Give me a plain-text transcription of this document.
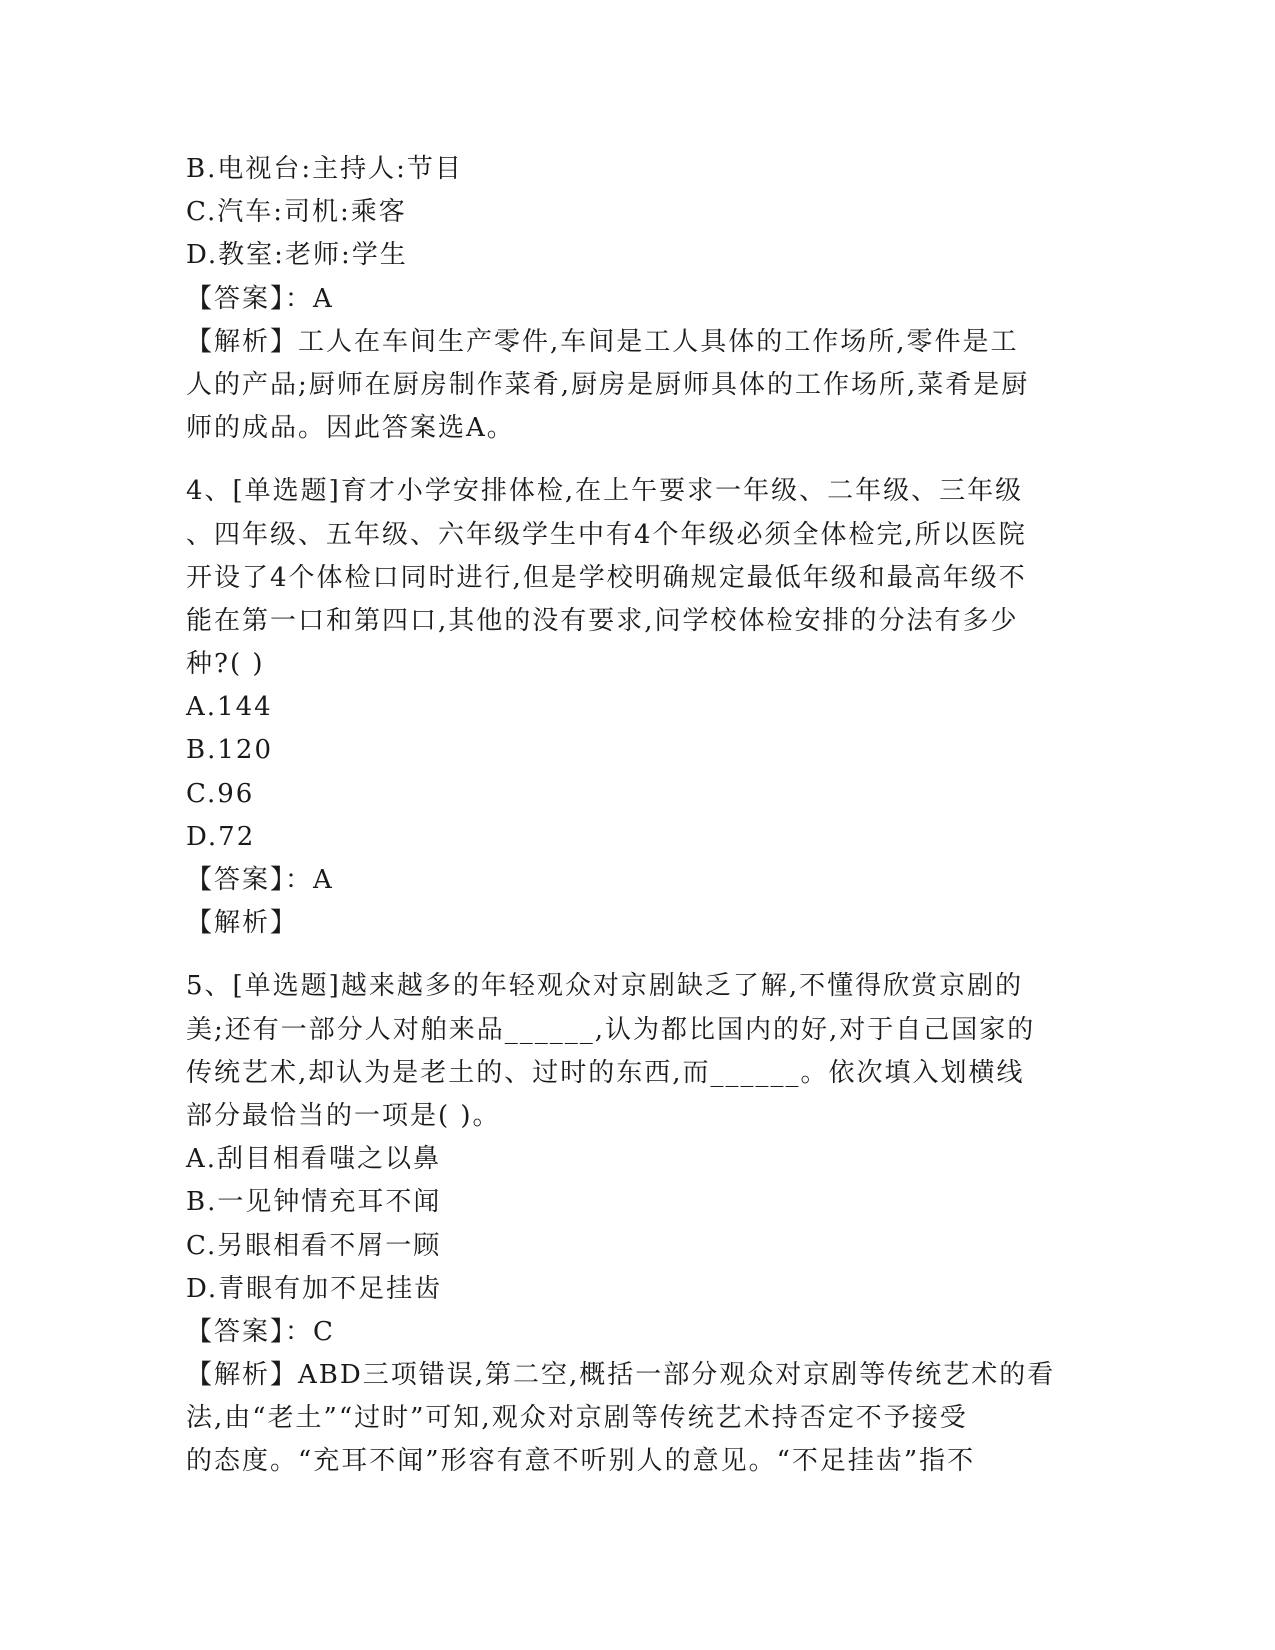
B.电视台:主持人:节目
C.汽车:司机:乘客
D.教室:老师:学生
【答案】：A
【解析】工人在车间生产零件,车间是工人具体的工作场所,零件是工
人的产品;厨师在厨房制作菜肴,厨房是厨师具体的工作场所,菜肴是厨
师的成品。因此答案选A。
4、[单选题]育才小学安排体检,在上午要求一年级、二年级、三年级
、四年级、五年级、六年级学生中有4个年级必须全体检完,所以医院
开设了4个体检口同时进行,但是学校明确规定最低年级和最高年级不
能在第一口和第四口,其他的没有要求,问学校体检安排的分法有多少
种?( )
A.144
B.120
C.96
D.72
【答案】：A
【解析】
5、[单选题]越来越多的年轻观众对京剧缺乏了解,不懂得欣赏京剧的
美;还有一部分人对舶来品______,认为都比国内的好,对于自己国家的
传统艺术,却认为是老土的、过时的东西,而______。依次填入划横线
部分最恰当的一项是( )。
A.刮目相看嗤之以鼻
B.一见钟情充耳不闻
C.另眼相看不屑一顾
D.青眼有加不足挂齿
【答案】：C
【解析】ABD三项错误,第二空,概括一部分观众对京剧等传统艺术的看
法,由“老土”“过时”可知,观众对京剧等传统艺术持否定不予接受
的态度。“充耳不闻”形容有意不听别人的意见。“不足挂齿”指不
